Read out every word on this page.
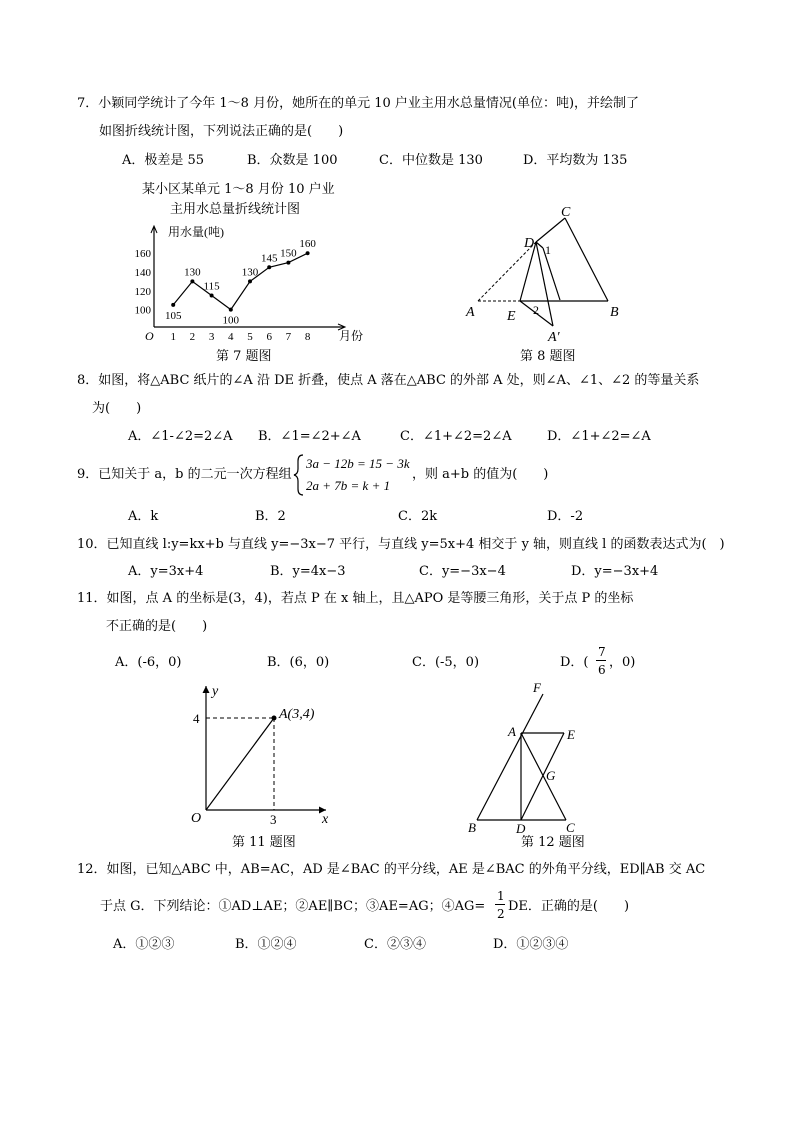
7．小颖同学统计了今年 1～8 月份，她所在的单元 10 户业主用水总量情况(单位：吨)，并绘制了
如图折线统计图，下列说法正确的是(　　)
A．极差是 55	B．众数是 100	C．中位数是 130	D．平均数为 135
某小区某单元 1～8 月份 10 户业
主用水总量折线统计图
用水量(吨)
月份
O
100
120
140
160
1 2 3 4 5 6 7 8
105
130
115
100
130
145 150
160
第 7 题图
C
D 1
A E 2	B
A′
第 8 题图
8．如图，将△ABC 纸片的∠A 沿 DE 折叠，使点 A 落在△ABC 的外部 A 处，则∠A、∠1、∠2 的等量关系
为(　　)
A．∠1-∠2=2∠A B．∠1=∠2+∠A	C．∠1+∠2=2∠A	D．∠1+∠2=∠A
9．已知关于 a，b 的二元一次方程组
3a − 12b = 15 − 3k
2a + 7b = k + 1
，则 a+b 的值为(　　)
A．k	B．2	C．2k	D．-2
10．已知直线 l:y=kx+b 与直线 y=−3x−7 平行，与直线 y=5x+4 相交于 y 轴，则直线 l 的函数表达式为(　)
A．y=3x+4	B．y=4x−3	C．y=−3x−4	D．y=−3x+4
11．如图，点 A 的坐标是(3，4)，若点 P 在 x 轴上，且△APO 是等腰三角形，关于点 P 的坐标
不正确的是(　　)
A．(-6，0)	B．(6，0)	C．(-5，0)	D．(
7
6 ，0)
y
x
O
4
3
A(3,4)
第 11 题图
F
A	E
G
B	D	C
第 12 题图
12．如图，已知△ABC 中，AB=AC，AD 是∠BAC 的平分线，AE 是∠BAC 的外角平分线，ED∥AB 交 AC
于点 G．下列结论：①AD⊥AE；②AE∥BC；③AE=AG；④AG=
1
2 DE．正确的是(　　)
A．①②③	B．①②④	C．②③④	D．①②③④
